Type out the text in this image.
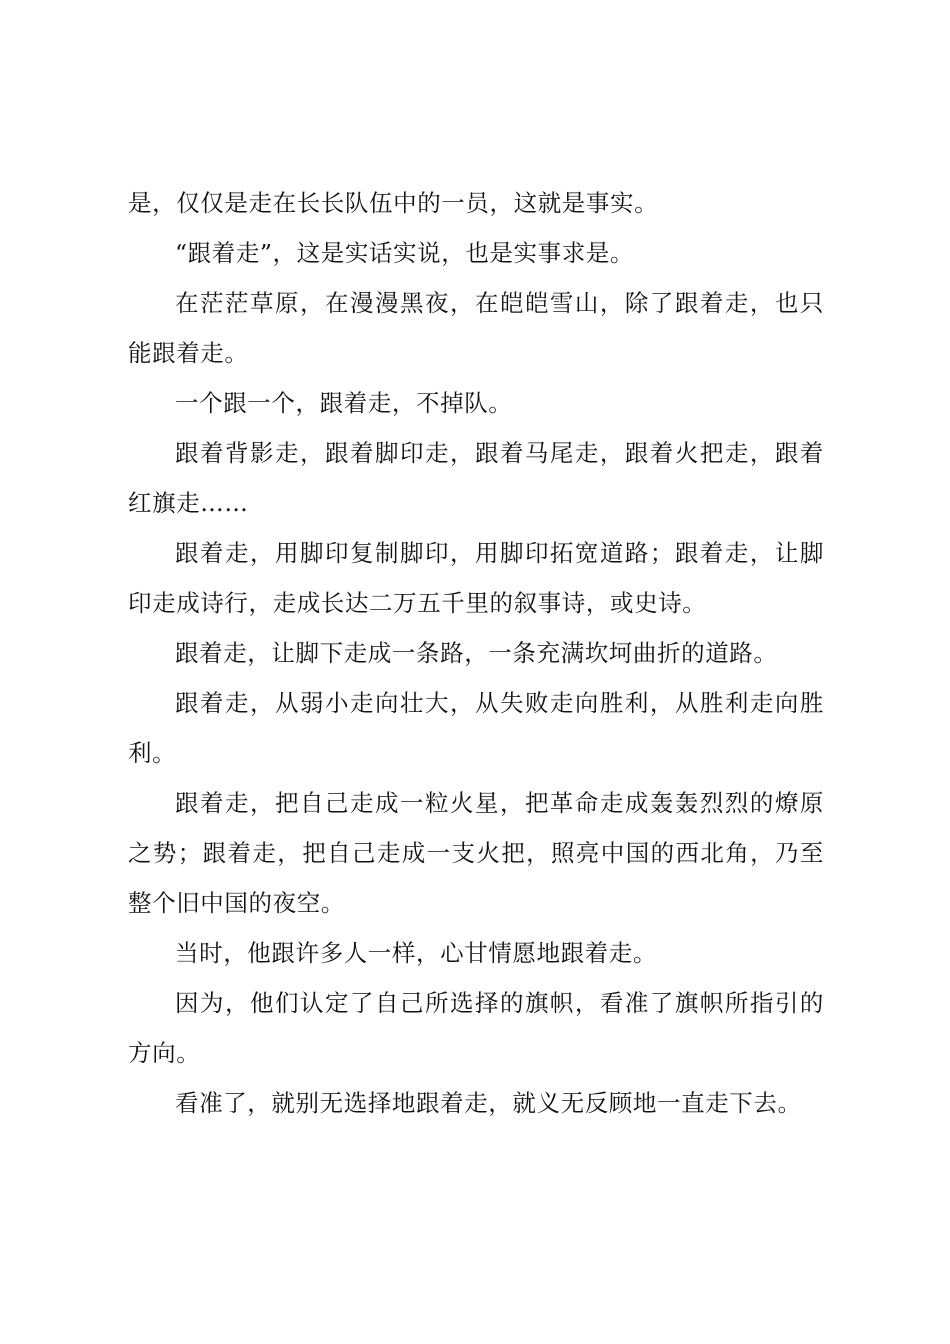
是，仅仅是走在长长队伍中的一员，这就是事实。

“跟着走”，这是实话实说，也是实事求是。

在茫茫草原，在漫漫黑夜，在皑皑雪山，除了跟着走，也只能跟着走。

一个跟一个，跟着走，不掉队。

跟着背影走，跟着脚印走，跟着马尾走，跟着火把走，跟着红旗走……

跟着走，用脚印复制脚印，用脚印拓宽道路；跟着走，让脚印走成诗行，走成长达二万五千里的叙事诗，或史诗。

跟着走，让脚下走成一条路，一条充满坎坷曲折的道路。

跟着走，从弱小走向壮大，从失败走向胜利，从胜利走向胜利。

跟着走，把自己走成一粒火星，把革命走成轰轰烈烈的燎原之势；跟着走，把自己走成一支火把，照亮中国的西北角，乃至整个旧中国的夜空。

当时，他跟许多人一样，心甘情愿地跟着走。

因为，他们认定了自己所选择的旗帜，看准了旗帜所指引的方向。

看准了，就别无选择地跟着走，就义无反顾地一直走下去。
